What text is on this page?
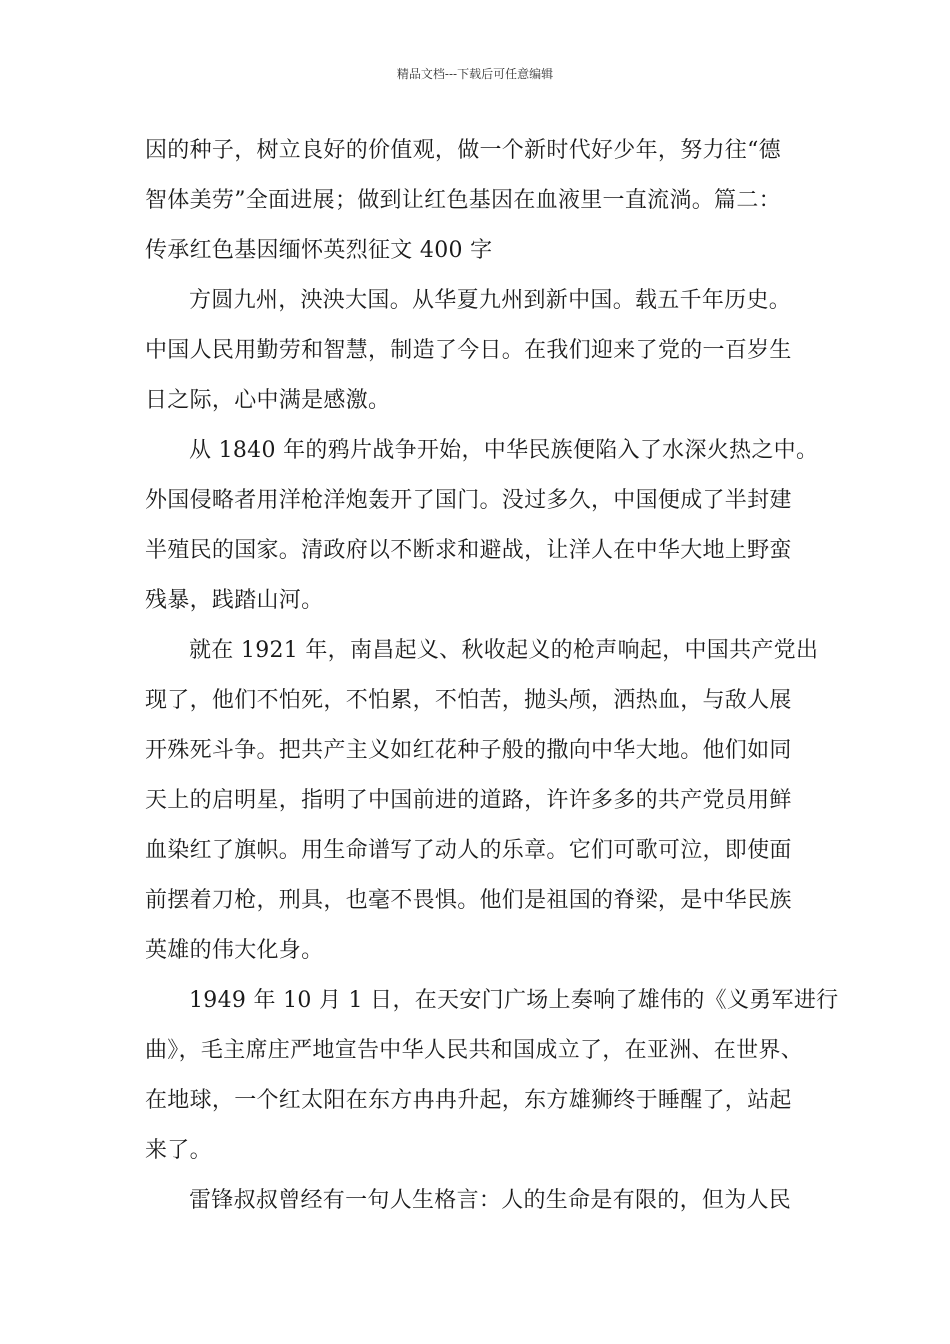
精品文档---下载后可任意编辑
因的种子，树立良好的价值观，做一个新时代好少年，努力往“德
智体美劳”全面进展；做到让红色基因在血液里一直流淌。篇二：
传承红色基因缅怀英烈征文 400 字
方圆九州，泱泱大国。从华夏九州到新中国。载五千年历史。
中国人民用勤劳和智慧，制造了今日。在我们迎来了党的一百岁生
日之际，心中满是感激。
从 1840 年的鸦片战争开始，中华民族便陷入了水深火热之中。
外国侵略者用洋枪洋炮轰开了国门。没过多久，中国便成了半封建
半殖民的国家。清政府以不断求和避战，让洋人在中华大地上野蛮
残暴，践踏山河。
就在 1921 年，南昌起义、秋收起义的枪声响起，中国共产党出
现了，他们不怕死，不怕累，不怕苦，抛头颅，洒热血，与敌人展
开殊死斗争。把共产主义如红花种子般的撒向中华大地。他们如同
天上的启明星，指明了中国前进的道路，许许多多的共产党员用鲜
血染红了旗帜。用生命谱写了动人的乐章。它们可歌可泣，即使面
前摆着刀枪，刑具，也毫不畏惧。他们是祖国的脊梁，是中华民族
英雄的伟大化身。
1949 年 10 月 1 日，在天安门广场上奏响了雄伟的《义勇军进行
曲》，毛主席庄严地宣告中华人民共和国成立了，在亚洲、在世界、
在地球，一个红太阳在东方冉冉升起，东方雄狮终于睡醒了，站起
来了。
雷锋叔叔曾经有一句人生格言：人的生命是有限的，但为人民
